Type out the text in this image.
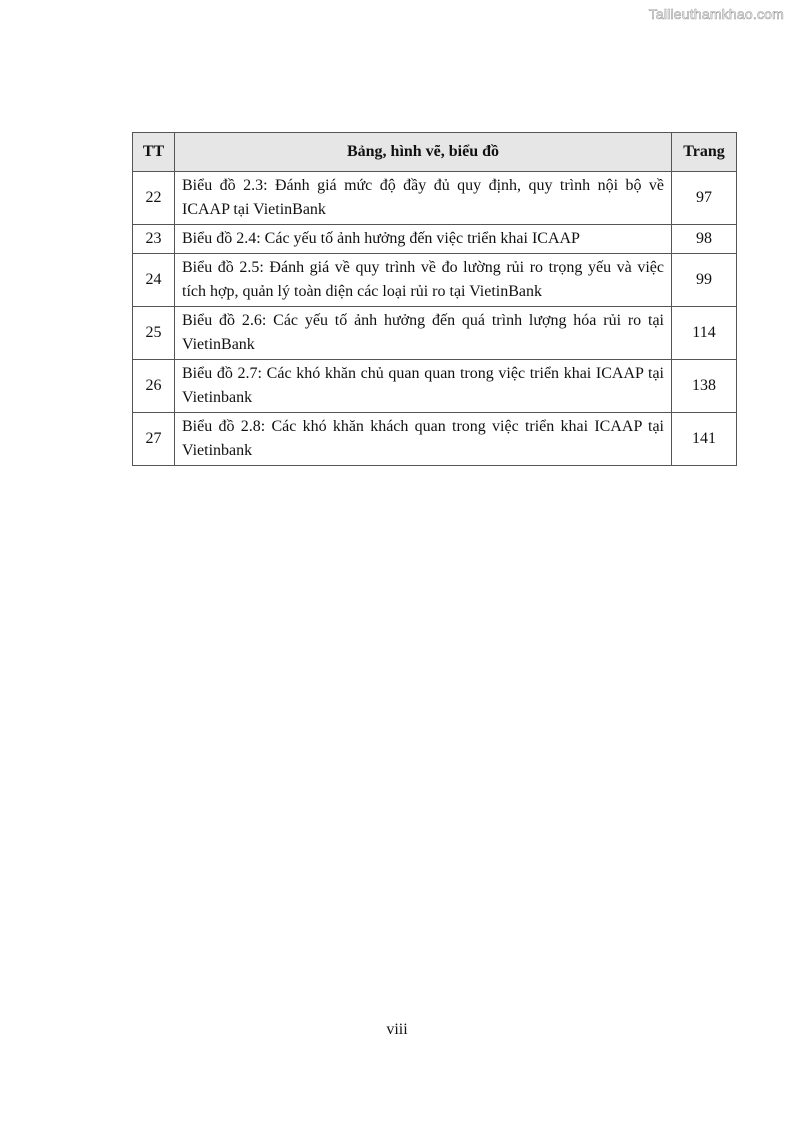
Tailieuthamkhao.com
TT	Bảng, hình vẽ, biểu đồ	Trang
22	Biểu đồ 2.3: Đánh giá mức độ đầy đủ quy định, quy trình nội bộ về ICAAP tại VietinBank	97
23	Biểu đồ 2.4: Các yếu tố ảnh hưởng đến việc triển khai ICAAP	98
24	Biểu đồ 2.5: Đánh giá về quy trình về đo lường rủi ro trọng yếu và việc tích hợp, quản lý toàn diện các loại rủi ro tại VietinBank	99
25	Biểu đồ 2.6: Các yếu tố ảnh hưởng đến quá trình lượng hóa rủi ro tại VietinBank	114
26	Biểu đồ 2.7: Các khó khăn chủ quan quan trong việc triển khai ICAAP tại Vietinbank	138
27	Biểu đồ 2.8: Các khó khăn khách quan trong việc triển khai ICAAP tại Vietinbank	141
viii
